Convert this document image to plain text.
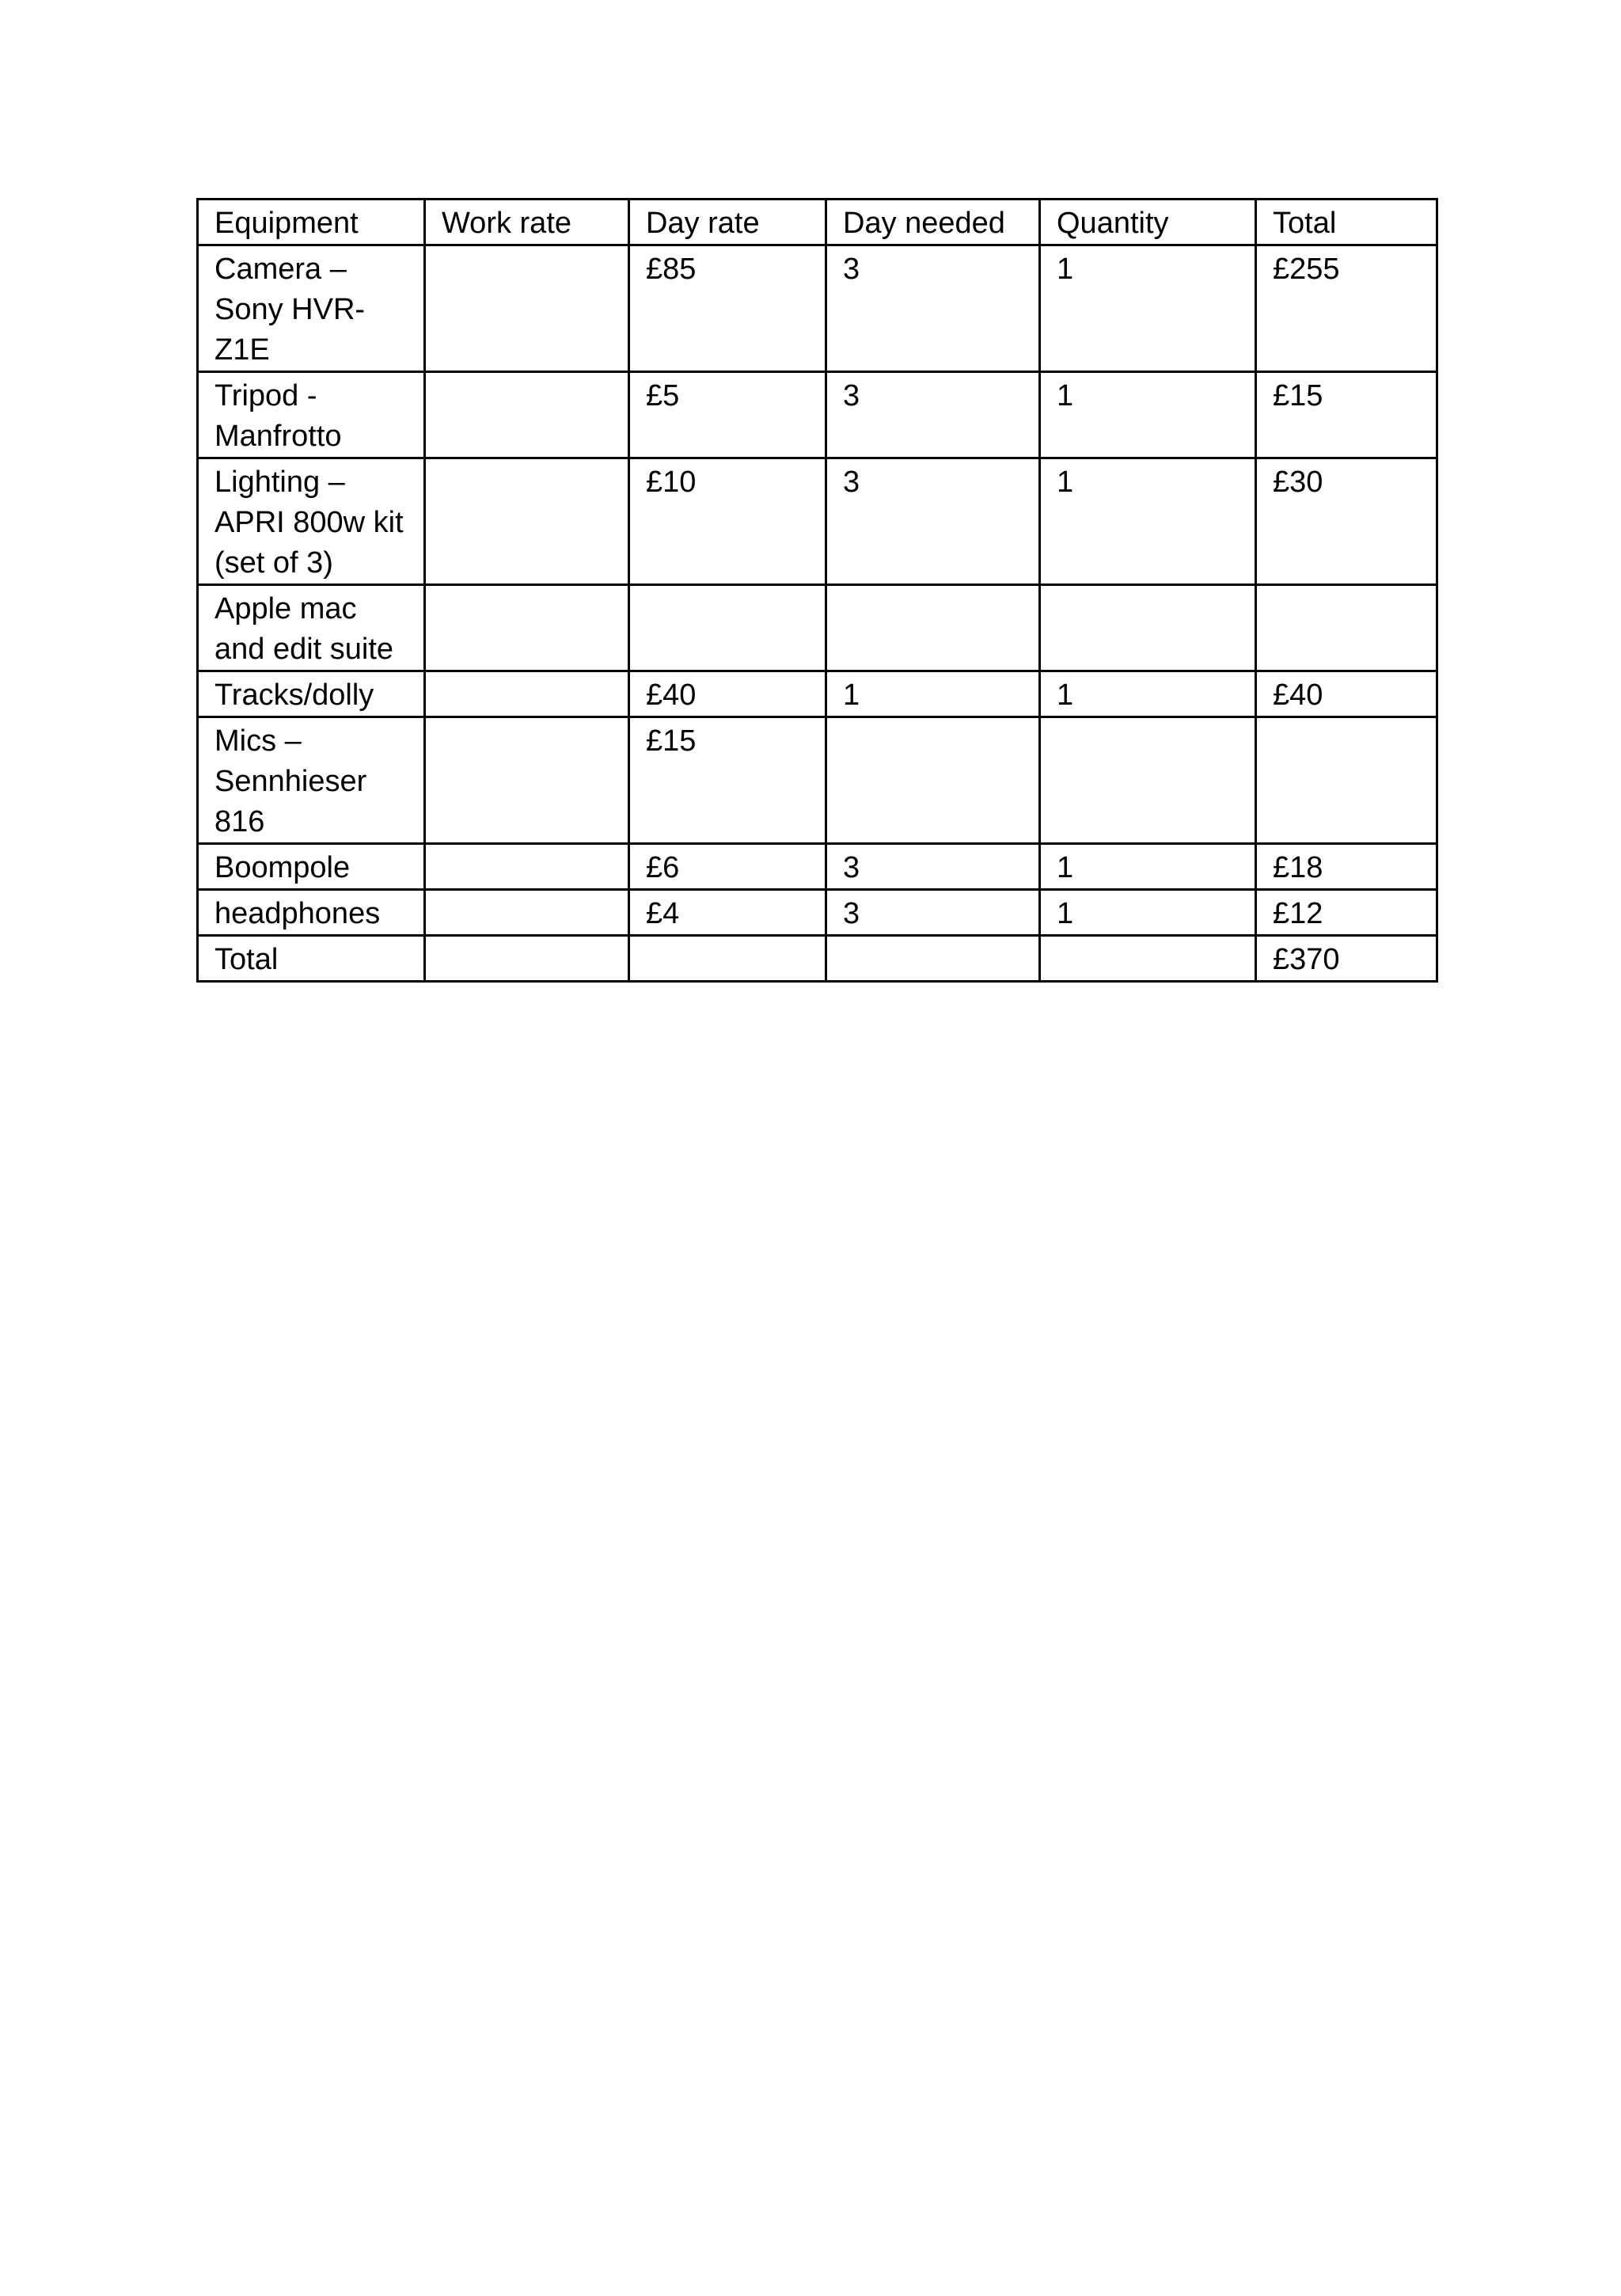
Equipment	Work rate	Day rate	Day needed	Quantity	Total

Camera –
Sony HVR- Z1E		£85	3	1	£255

Tripod -
Manfrotto		£5	3	1	£15

Lighting –
APRI 800w kit
(set of 3)		£10	3	1	£30

Apple mac
and edit suite					

Tracks/dolly		£40	1	1	£40

Mics –
Sennhieser
816		£15			

Boompole		£6	3	1	£18

headphones		£4	3	1	£12

Total					£370
